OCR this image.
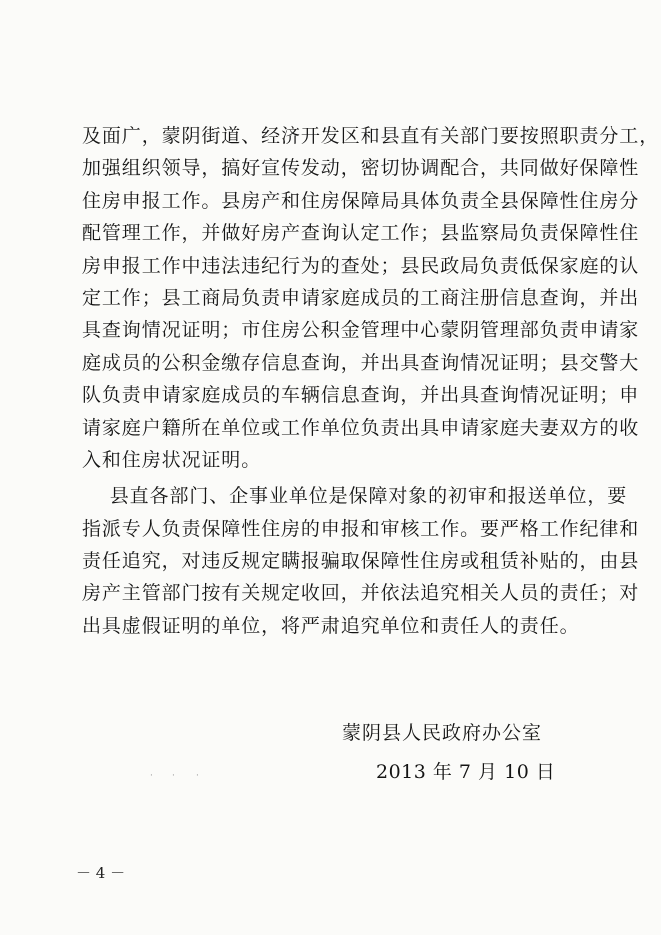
及面广，蒙阴街道、经济开发区和县直有关部门要按照职责分工，
加强组织领导，搞好宣传发动，密切协调配合，共同做好保障性
住房申报工作。县房产和住房保障局具体负责全县保障性住房分
配管理工作，并做好房产查询认定工作；县监察局负责保障性住
房申报工作中违法违纪行为的查处；县民政局负责低保家庭的认
定工作；县工商局负责申请家庭成员的工商注册信息查询，并出
具查询情况证明；市住房公积金管理中心蒙阴管理部负责申请家
庭成员的公积金缴存信息查询，并出具查询情况证明；县交警大
队负责申请家庭成员的车辆信息查询，并出具查询情况证明；申
请家庭户籍所在单位或工作单位负责出具申请家庭夫妻双方的收
入和住房状况证明。
县直各部门、企事业单位是保障对象的初审和报送单位，要
指派专人负责保障性住房的申报和审核工作。要严格工作纪律和
责任追究，对违反规定瞒报骗取保障性住房或租赁补贴的，由县
房产主管部门按有关规定收回，并依法追究相关人员的责任；对
出具虚假证明的单位，将严肃追究单位和责任人的责任。
蒙阴县人民政府办公室
2013 年 7 月 10 日
· · ·
－ 4 －
